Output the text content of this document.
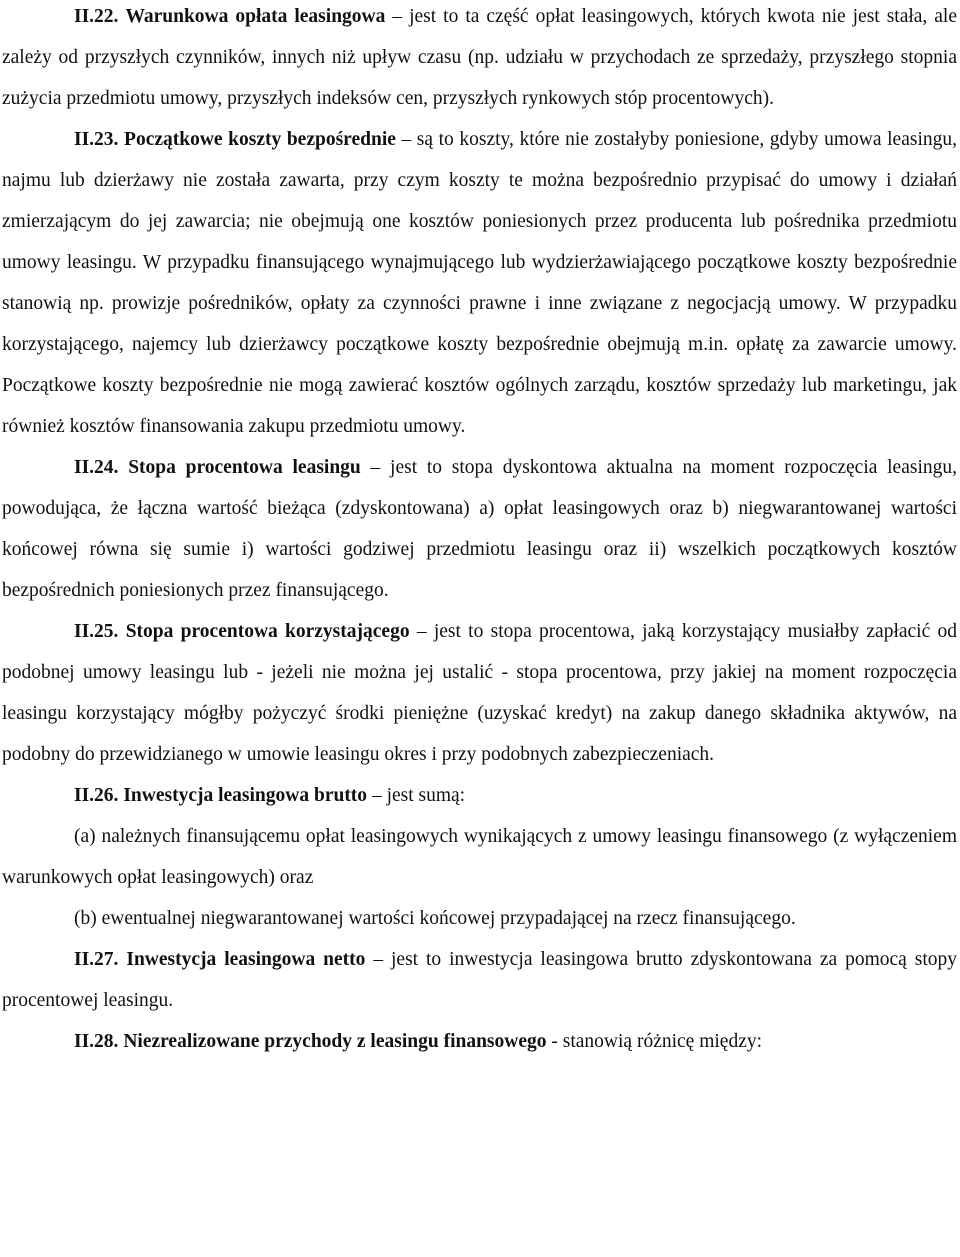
II.22. Warunkowa opłata leasingowa – jest to ta część opłat leasingowych, których kwota nie jest stała, ale zależy od przyszłych czynników, innych niż upływ czasu (np. udziału w przychodach ze sprzedaży, przyszłego stopnia zużycia przedmiotu umowy, przyszłych indeksów cen, przyszłych rynkowych stóp procentowych).

II.23. Początkowe koszty bezpośrednie – są to koszty, które nie zostałyby poniesione, gdyby umowa leasingu, najmu lub dzierżawy nie została zawarta, przy czym koszty te można bezpośrednio przypisać do umowy i działań zmierzającym do jej zawarcia; nie obejmują one kosztów poniesionych przez producenta lub pośrednika przedmiotu umowy leasingu. W przypadku finansującego wynajmującego lub wydzierżawiającego początkowe koszty bezpośrednie stanowią np. prowizje pośredników, opłaty za czynności prawne i inne związane z negocjacją umowy. W przypadku korzystającego, najemcy lub dzierżawcy początkowe koszty bezpośrednie obejmują m.in. opłatę za zawarcie umowy. Początkowe koszty bezpośrednie nie mogą zawierać kosztów ogólnych zarządu, kosztów sprzedaży lub marketingu, jak również kosztów finansowania zakupu przedmiotu umowy.

II.24. Stopa procentowa leasingu – jest to stopa dyskontowa aktualna na moment rozpoczęcia leasingu, powodująca, że łączna wartość bieżąca (zdyskontowana) a) opłat leasingowych oraz b) niegwarantowanej wartości końcowej równa się sumie i) wartości godziwej przedmiotu leasingu oraz ii) wszelkich początkowych kosztów bezpośrednich poniesionych przez finansującego.

II.25. Stopa procentowa korzystającego – jest to stopa procentowa, jaką korzystający musiałby zapłacić od podobnej umowy leasingu lub - jeżeli nie można jej ustalić - stopa procentowa, przy jakiej na moment rozpoczęcia leasingu korzystający mógłby pożyczyć środki pieniężne (uzyskać kredyt) na zakup danego składnika aktywów, na podobny do przewidzianego w umowie leasingu okres i przy podobnych zabezpieczeniach.

II.26. Inwestycja leasingowa brutto – jest sumą:

(a) należnych finansującemu opłat leasingowych wynikających z umowy leasingu finansowego (z wyłączeniem warunkowych opłat leasingowych) oraz

(b) ewentualnej niegwarantowanej wartości końcowej przypadającej na rzecz finansującego.

II.27. Inwestycja leasingowa netto – jest to inwestycja leasingowa brutto zdyskontowana za pomocą stopy procentowej leasingu.

II.28. Niezrealizowane przychody z leasingu finansowego - stanowią różnicę między:
